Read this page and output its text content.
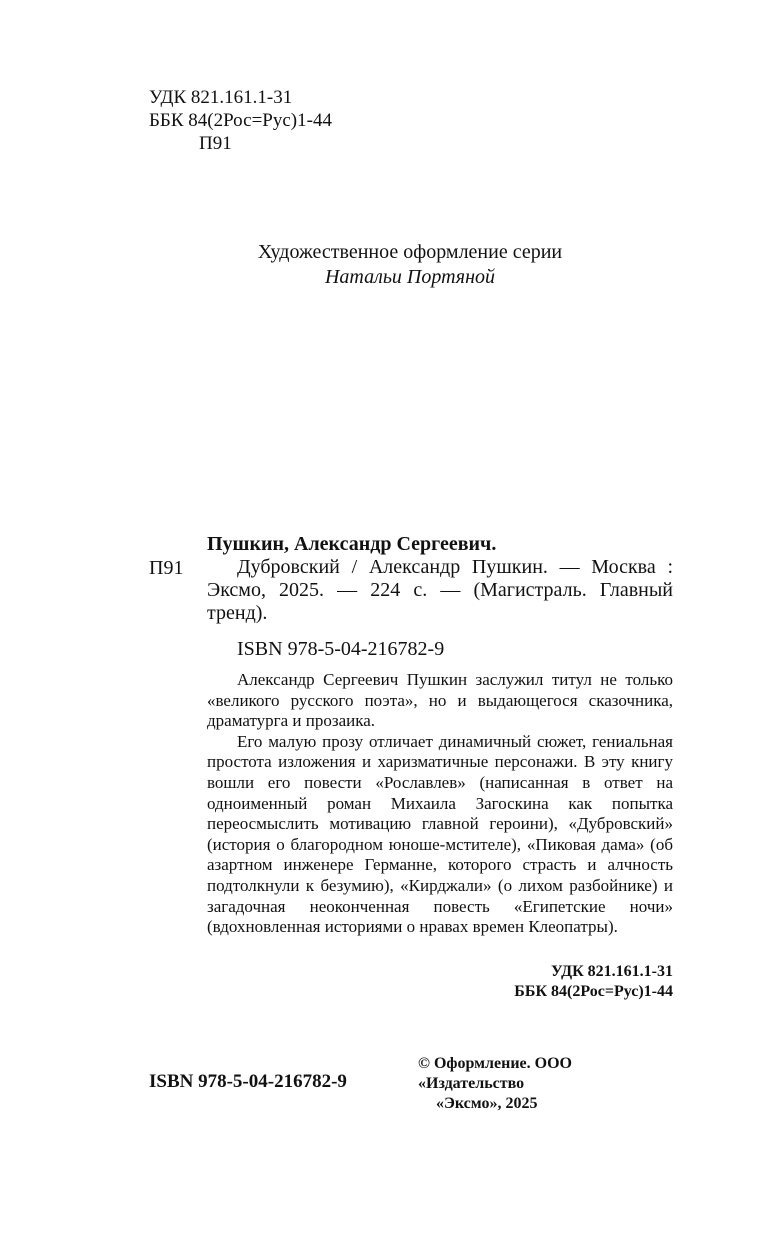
УДК 821.161.1-31
ББК 84(2Рос=Рус)1-44
П91
Художественное оформление серии
Натальи Портяной
Пушкин, Александр Сергеевич.
П91	Дубровский / Александр Пушкин. — Москва : Эксмо, 2025. — 224 с. — (Магистраль. Главный тренд).
ISBN 978-5-04-216782-9

Александр Сергеевич Пушкин заслужил титул не только «великого русского поэта», но и выдающегося сказочника, драматурга и прозаика.

Его малую прозу отличает динамичный сюжет, гениальная простота изложения и харизматичные персонажи. В эту книгу вошли его повести «Рославлев» (написанная в ответ на одноименный роман Михаила Загоскина как попытка переосмыслить мотивацию главной героини), «Дубровский» (история о благородном юноше-мстителе), «Пиковая дама» (об азартном инженере Германне, которого страсть и алчность подтолкнули к безумию), «Кирджали» (о лихом разбойнике) и загадочная неоконченная повесть «Египетские ночи» (вдохновленная историями о нравах времен Клеопатры).

УДК 821.161.1-31
ББК 84(2Рос=Рус)1-44
ISBN 978-5-04-216782-9
© Оформление. ООО «Издательство
«Эксмо», 2025
